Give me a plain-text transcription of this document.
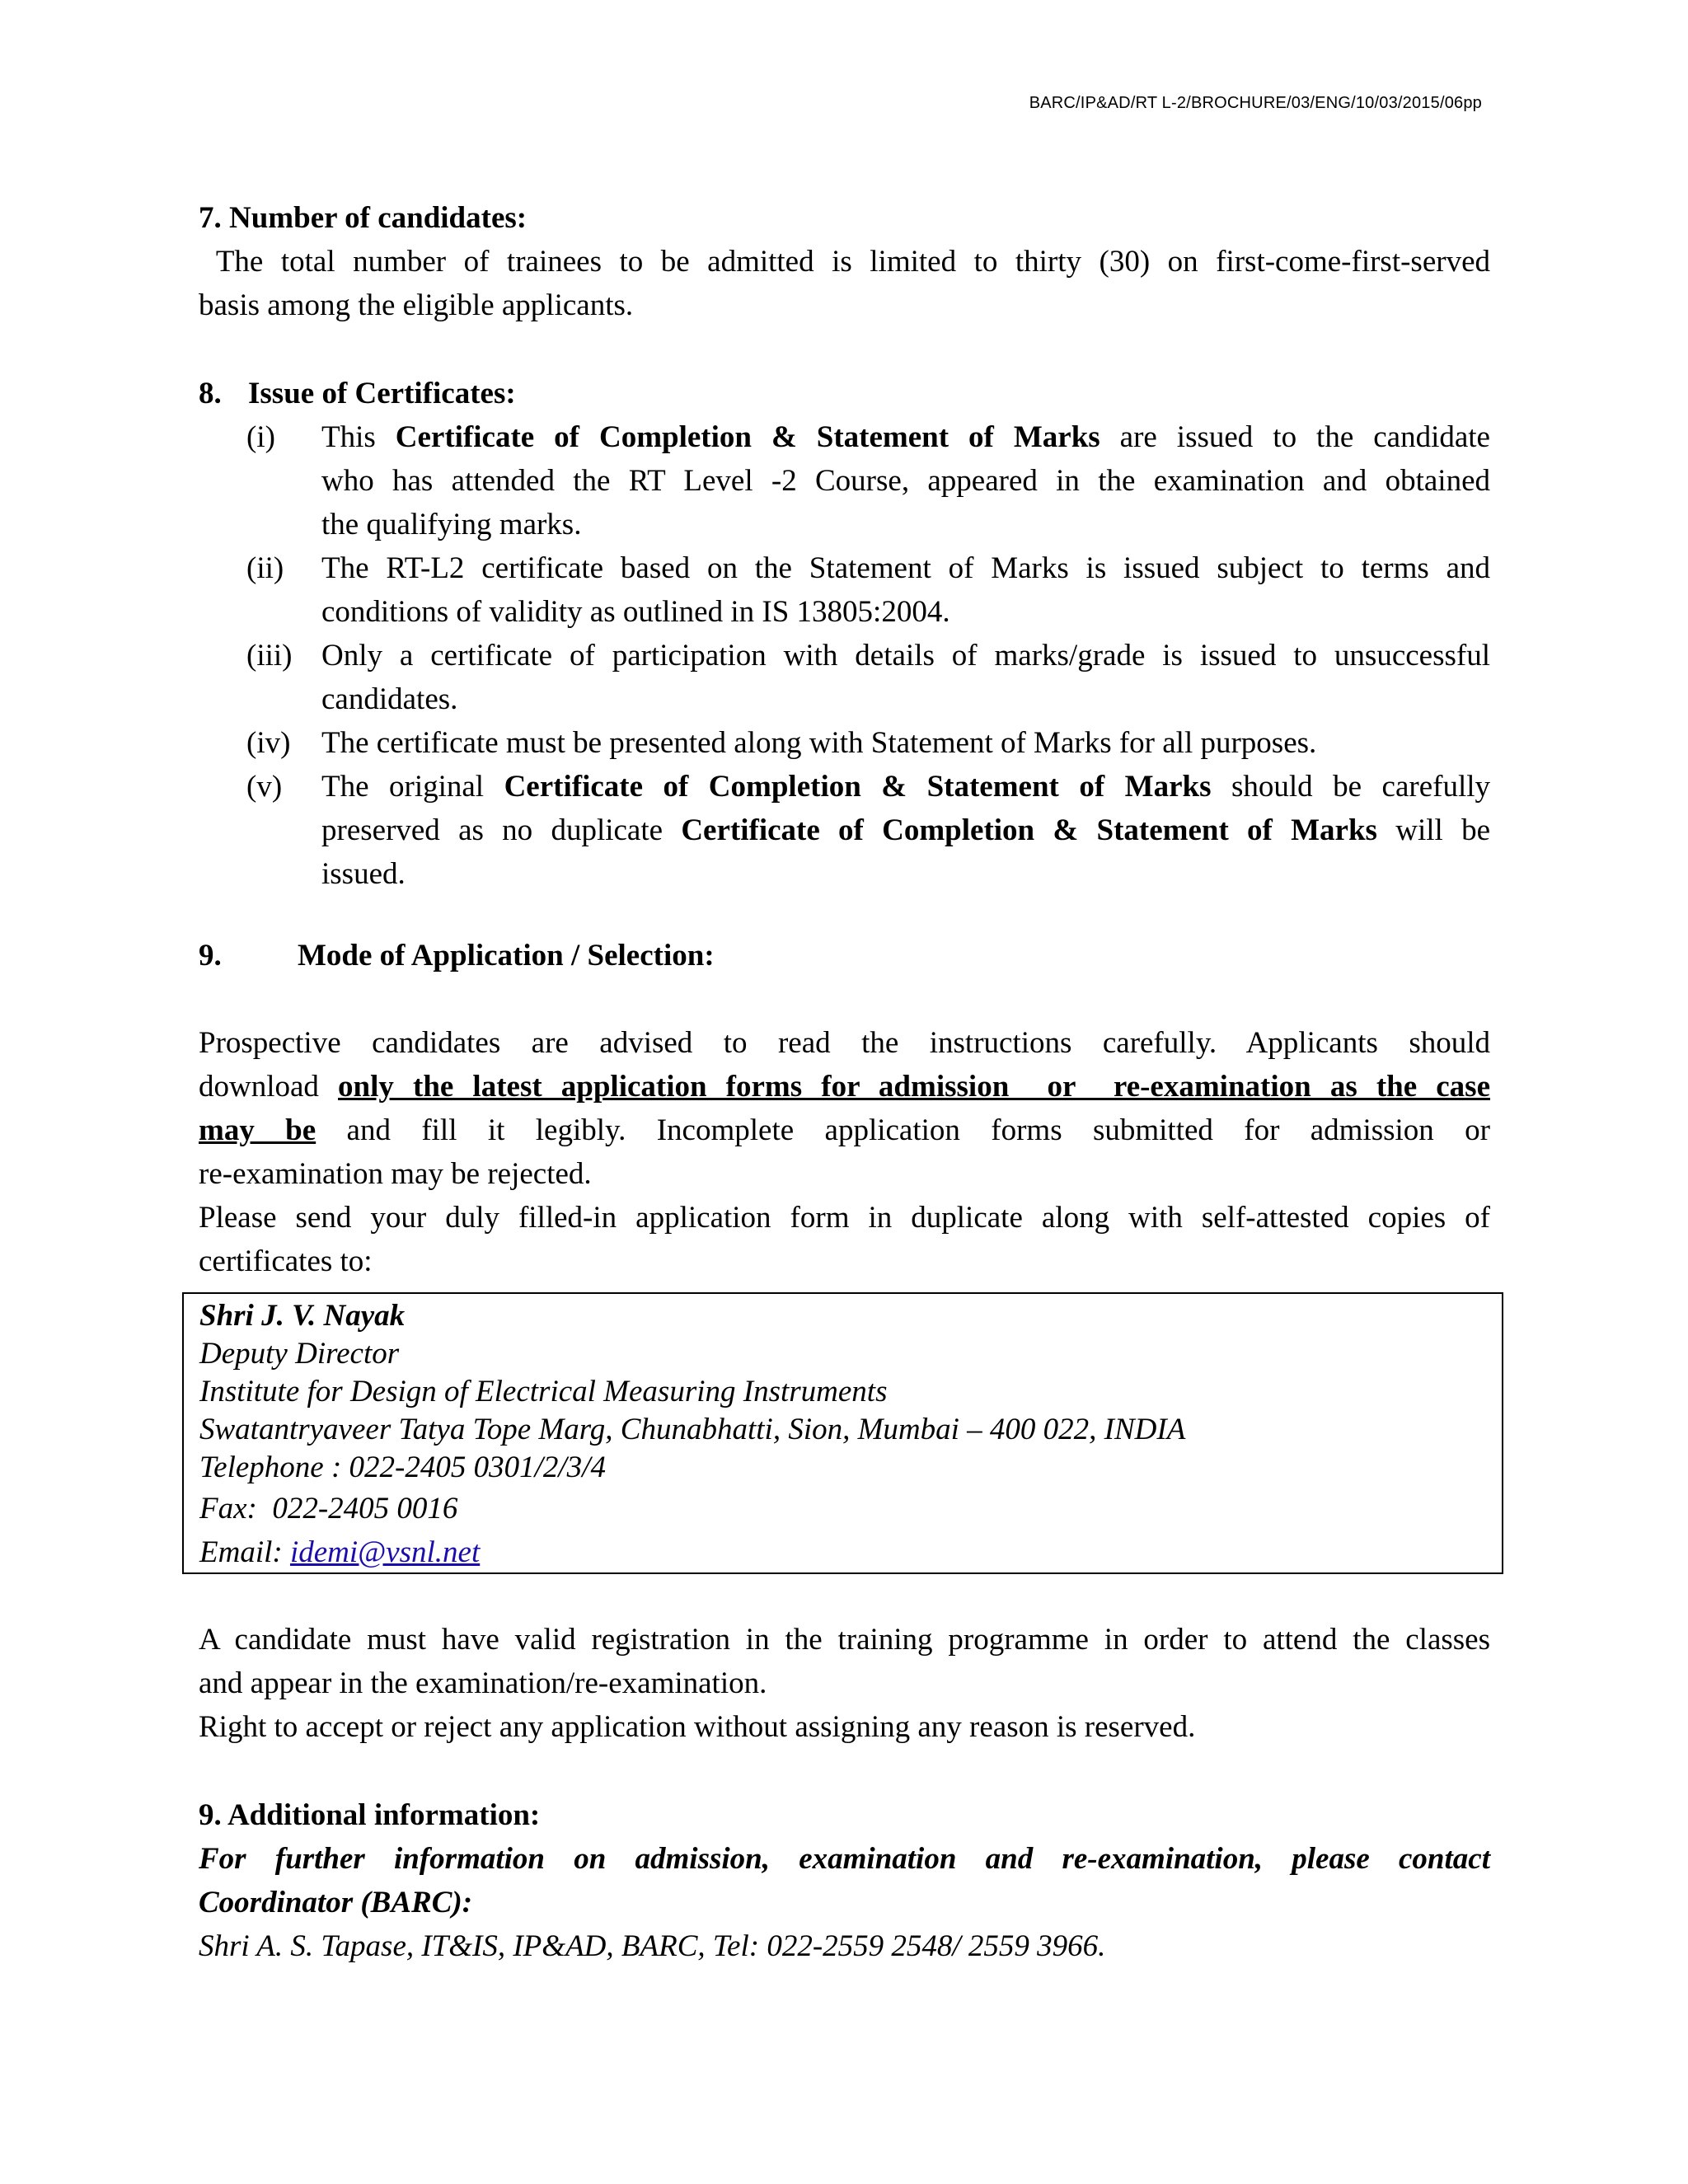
BARC/IP&AD/RT L-2/BROCHURE/03/ENG/10/03/2015/06pp
7. Number of candidates:
The total number of trainees to be admitted is limited to thirty (30) on first-come-first-served
basis among the eligible applicants.
8. Issue of Certificates:
(i) This Certificate of Completion & Statement of Marks are issued to the candidate
who has attended the RT Level -2 Course, appeared in the examination and obtained
the qualifying marks.
(ii) The RT-L2 certificate based on the Statement of Marks is issued subject to terms and
conditions of validity as outlined in IS 13805:2004.
(iii) Only a certificate of participation with details of marks/grade is issued to unsuccessful
candidates.
(iv) The certificate must be presented along with Statement of Marks for all purposes.
(v) The original Certificate of Completion & Statement of Marks should be carefully
preserved as no duplicate Certificate of Completion & Statement of Marks will be
issued.
9. Mode of Application / Selection:

Prospective candidates are advised to read the instructions carefully. Applicants should
download only the latest application forms for admission  or  re-examination as the case
may be and fill it legibly. Incomplete application forms submitted for admission or
re-examination may be rejected.
Please send your duly filled-in application form in duplicate along with self-attested copies of
certificates to:
Shri J. V. Nayak
Deputy Director
Institute for Design of Electrical Measuring Instruments
Swatantryaveer Tatya Tope Marg, Chunabhatti, Sion, Mumbai – 400 022, INDIA
Telephone : 022-2405 0301/2/3/4
Fax:  022-2405 0016
Email: idemi@vsnl.net
A candidate must have valid registration in the training programme in order to attend the classes
and appear in the examination/re-examination.
Right to accept or reject any application without assigning any reason is reserved.
9. Additional information:
For further information on admission, examination and re-examination, please contact
Coordinator (BARC):
Shri A. S. Tapase, IT&IS, IP&AD, BARC, Tel: 022-2559 2548/ 2559 3966.
